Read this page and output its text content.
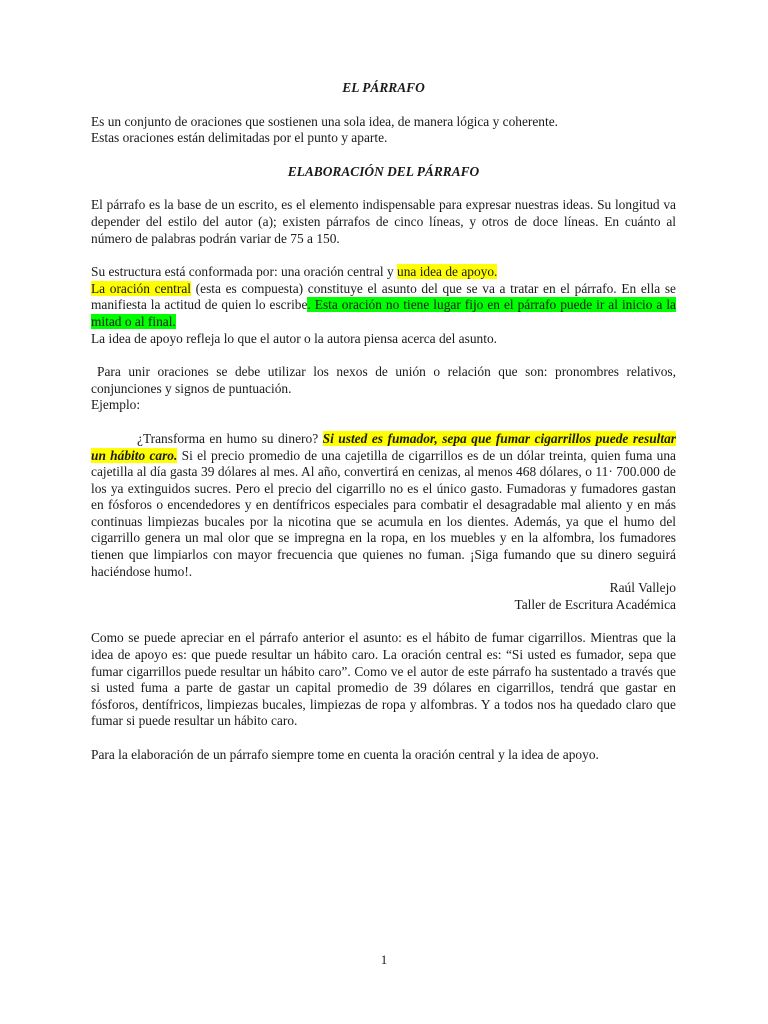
EL PÁRRAFO

Es un conjunto de oraciones que sostienen una sola idea, de manera lógica y coherente.

Estas oraciones están delimitadas por el punto y aparte.

ELABORACIÓN DEL PÁRRAFO

El párrafo es la base de un escrito, es el elemento indispensable para expresar nuestras ideas. Su longitud va depender del estilo del autor (a); existen párrafos de cinco líneas, y otros de doce líneas. En cuánto al número de palabras podrán variar de 75 a 150.

Su estructura está conformada por: una oración central y una idea de apoyo.
La oración central (esta es compuesta) constituye el asunto del que se va a tratar en el párrafo. En ella se manifiesta la actitud de quien lo escribe. Esta oración no tiene lugar fijo en el párrafo puede ir al inicio a la mitad o al final.
La idea de apoyo refleja lo que el autor o la autora piensa acerca del asunto.

Para unir oraciones se debe utilizar los nexos de unión o relación que son: pronombres relativos, conjunciones y signos de puntuación.

Ejemplo:

¿Transforma en humo su dinero? Si usted es fumador, sepa que fumar cigarrillos puede resultar un hábito caro. Si el precio promedio de una cajetilla de cigarrillos es de un dólar treinta, quien fuma una cajetilla al día gasta 39 dólares al mes. Al año, convertirá en cenizas, al menos 468 dólares, o 11· 700.000 de los ya extinguidos sucres. Pero el precio del cigarrillo no es el único gasto. Fumadoras y fumadores gastan en fósforos o encendedores y en dentífricos especiales para combatir el desagradable mal aliento y en más continuas limpiezas bucales por la nicotina que se acumula en los dientes. Además, ya que el humo del cigarrillo genera un mal olor que se impregna en la ropa, en los muebles y en la alfombra, los fumadores tienen que limpiarlos con mayor frecuencia que quienes no fuman. ¡Siga fumando que su dinero seguirá haciéndose humo!.

Raúl Vallejo

Taller de Escritura Académica

Como se puede apreciar en el párrafo anterior el asunto: es el hábito de fumar cigarrillos. Mientras que la idea de apoyo es: que puede resultar un hábito caro. La oración central es: “Si usted es fumador, sepa que fumar cigarrillos puede resultar un hábito caro”. Como ve el autor de este párrafo ha sustentado a través que si usted fuma a parte de gastar un capital promedio de 39 dólares en cigarrillos, tendrá que gastar en fósforos, dentífricos, limpiezas bucales, limpiezas de ropa y alfombras. Y a todos nos ha quedado claro que fumar si puede resultar un hábito caro.

Para la elaboración de un párrafo siempre tome en cuenta la oración central y la idea de apoyo.

1
